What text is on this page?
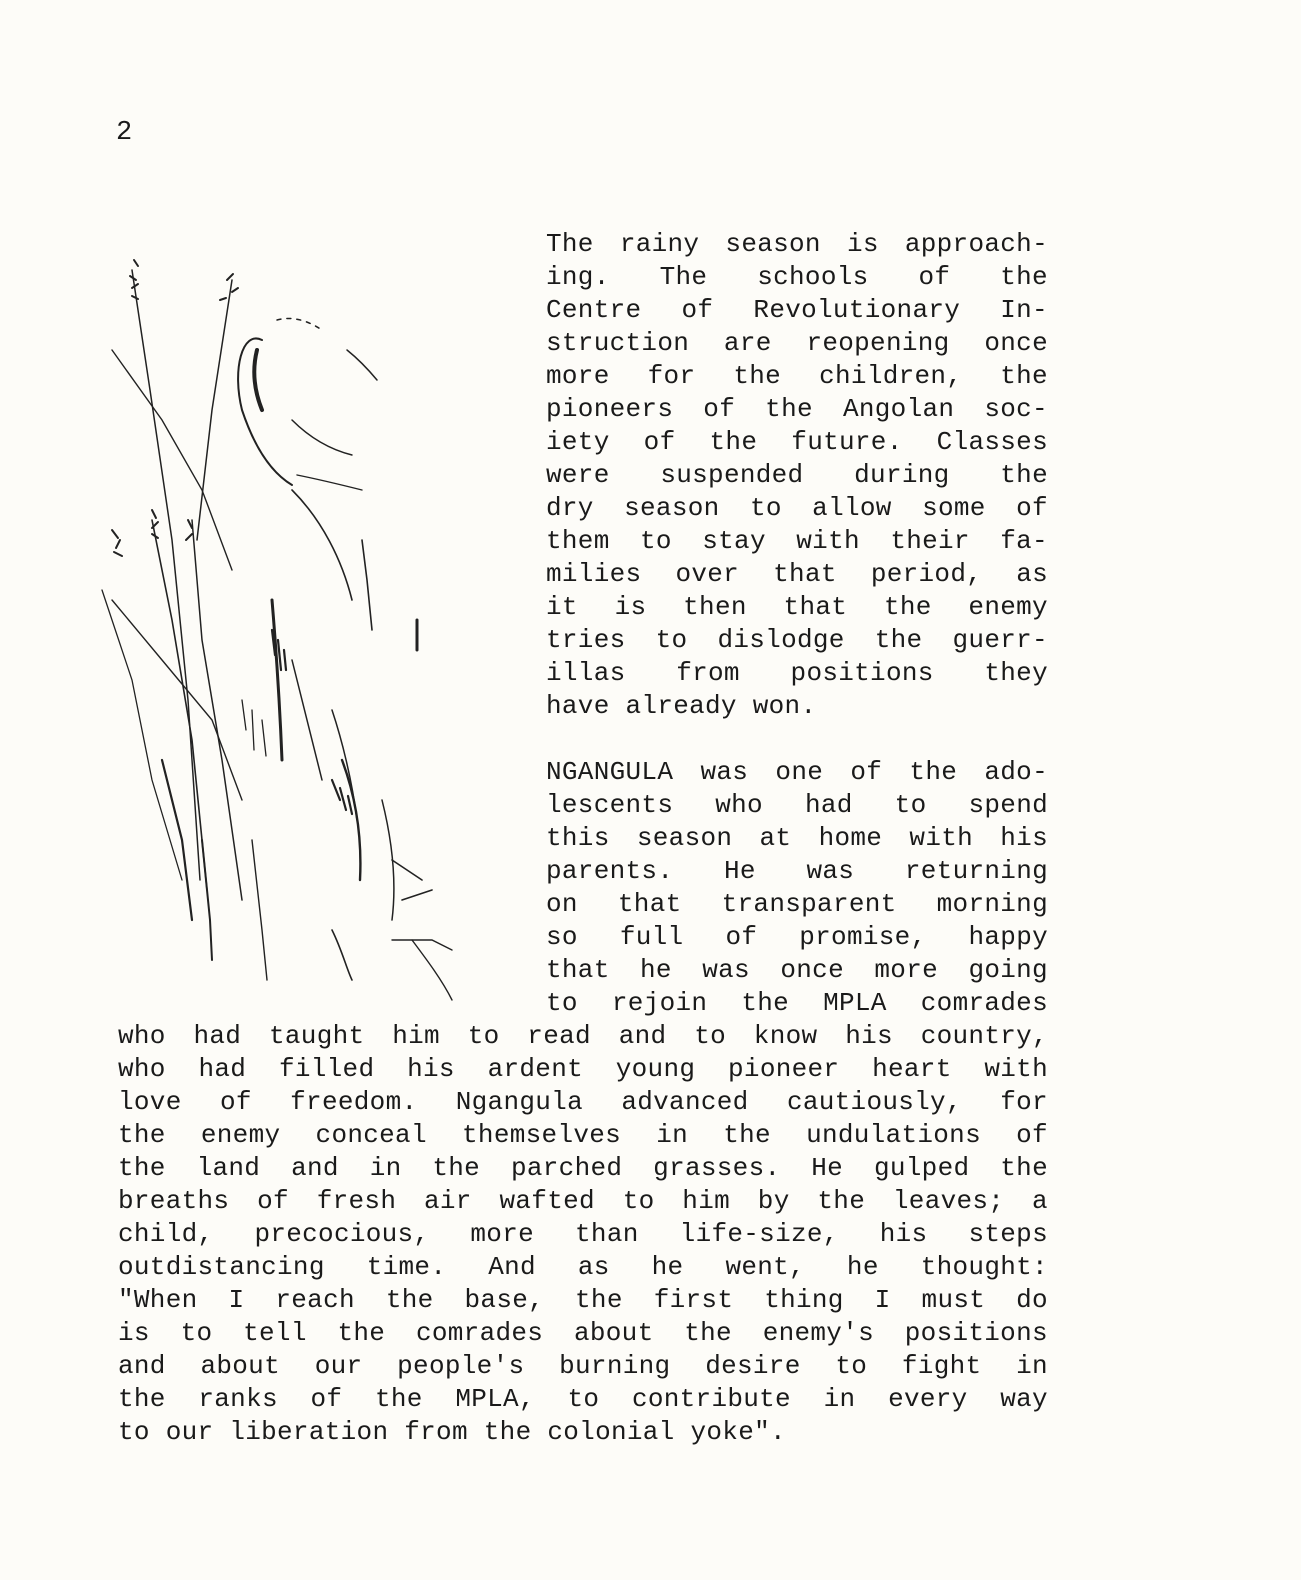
2
The rainy season is approach-
ing. The schools of the
Centre of Revolutionary In-
struction are reopening once
more for the children, the
pioneers of the Angolan soc-
iety of the future. Classes
were suspended during the
dry season to allow some of
them to stay with their fa-
milies over that period, as
it is then that the enemy
tries to dislodge the guerr-
illas from positions they
have already won.
NGANGULA was one of the ado-
lescents who had to spend
this season at home with his
parents. He was returning
on that transparent morning
so full of promise, happy
that he was once more going
to rejoin the MPLA comrades
who had taught him to read and to know his country,
who had filled his ardent young pioneer heart with
love of freedom. Ngangula advanced cautiously, for
the enemy conceal themselves in the undulations of
the land and in the parched grasses. He gulped the
breaths of fresh air wafted to him by the leaves; a
child, precocious, more than life-size, his steps
outdistancing time. And as he went, he thought:
"When I reach the base, the first thing I must do
is to tell the comrades about the enemy's positions
and about our people's burning desire to fight in
the ranks of the MPLA, to contribute in every way
to our liberation from the colonial yoke".
